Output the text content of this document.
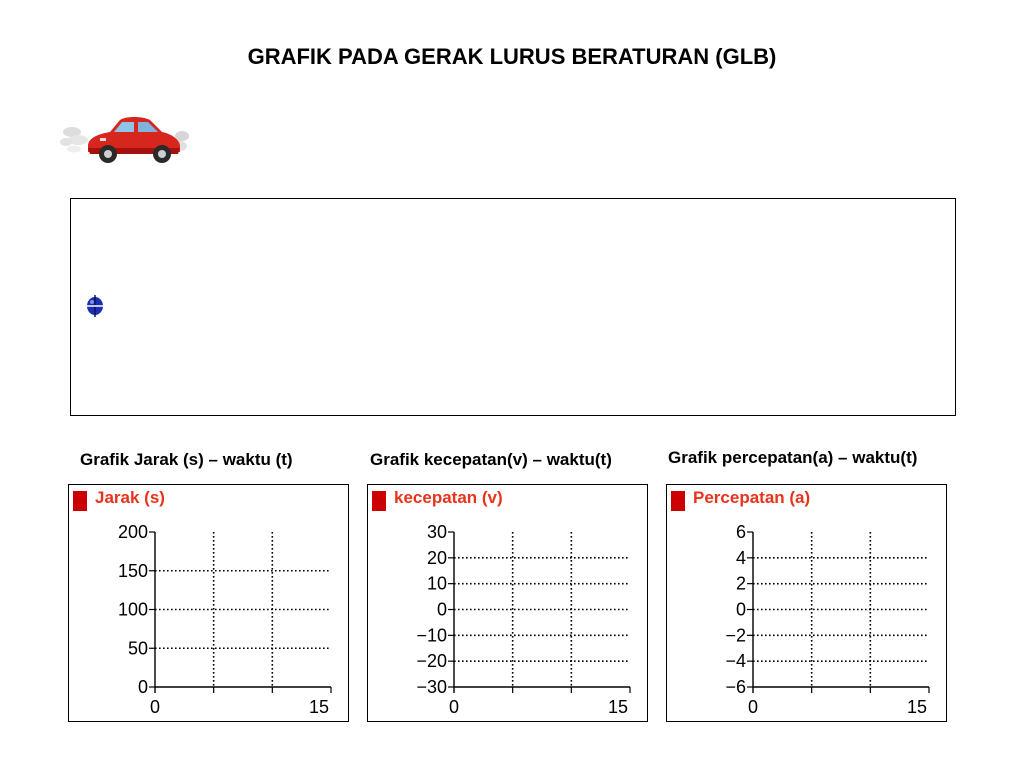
GRAFIK PADA GERAK LURUS BERATURAN (GLB)
Grafik Jarak (s) – waktu (t)	Grafik kecepatan(v) – waktu(t)	Grafik percepatan(a) – waktu(t)
Jarak (s)
200
150
100
50
0
0	15
kecepatan (v)
30
20
10
0
−10
−20
−30
0	15
Percepatan (a)
6
4
2
0
−2
−4
−6
0	15
